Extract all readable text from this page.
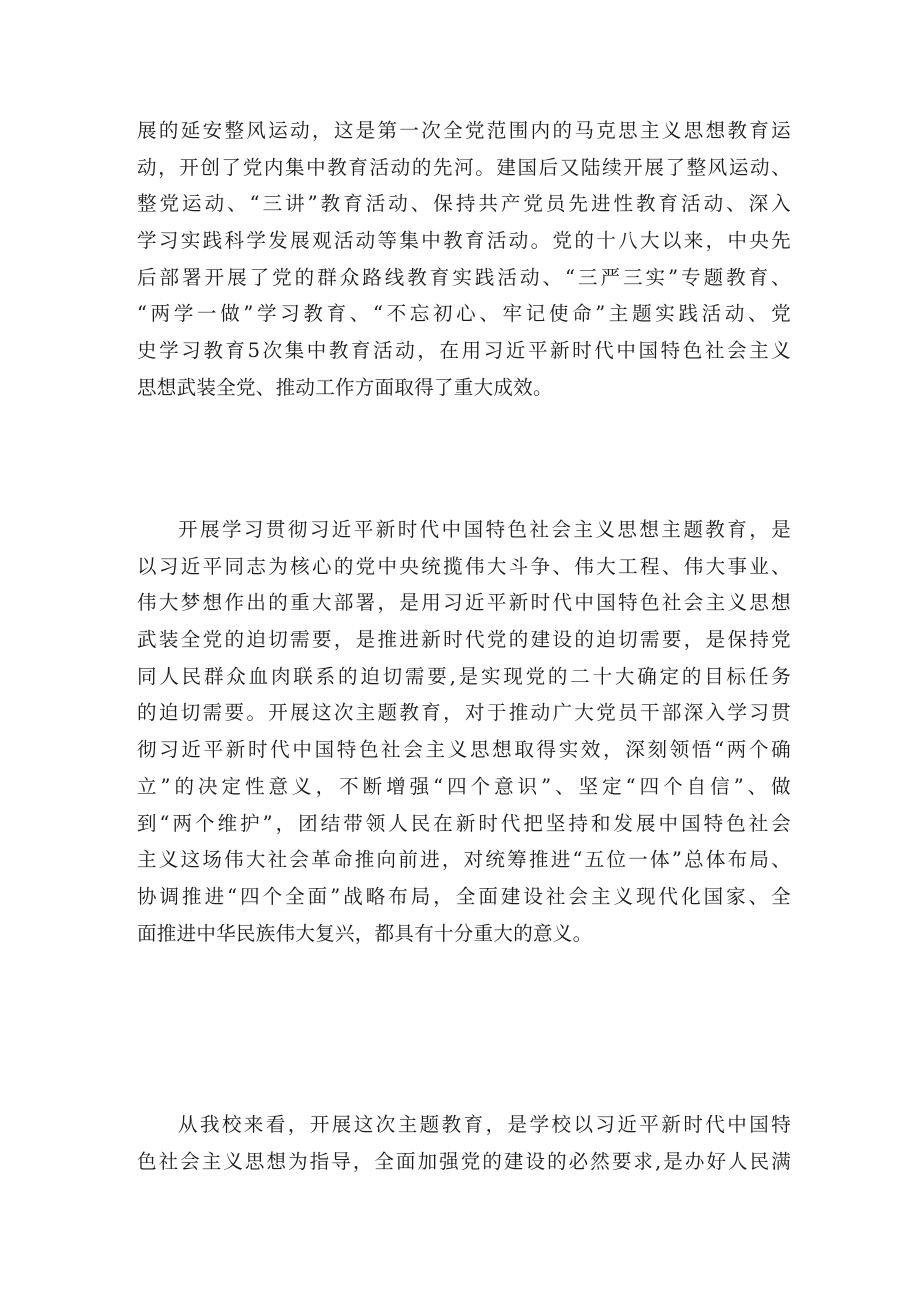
展的延安整风运动，这是第一次全党范围内的马克思主义思想教育运
动，开创了党内集中教育活动的先河。建国后又陆续开展了整风运动、
整党运动、“三讲”教育活动、保持共产党员先进性教育活动、深入
学习实践科学发展观活动等集中教育活动。党的十八大以来，中央先
后部署开展了党的群众路线教育实践活动、“三严三实”专题教育、
“两学一做”学习教育、“不忘初心、牢记使命”主题实践活动、党
史学习教育5次集中教育活动，在用习近平新时代中国特色社会主义
思想武装全党、推动工作方面取得了重大成效。
开展学习贯彻习近平新时代中国特色社会主义思想主题教育，是
以习近平同志为核心的党中央统揽伟大斗争、伟大工程、伟大事业、
伟大梦想作出的重大部署，是用习近平新时代中国特色社会主义思想
武装全党的迫切需要，是推进新时代党的建设的迫切需要，是保持党
同人民群众血肉联系的迫切需要,是实现党的二十大确定的目标任务
的迫切需要。开展这次主题教育，对于推动广大党员干部深入学习贯
彻习近平新时代中国特色社会主义思想取得实效，深刻领悟“两个确
立”的决定性意义，不断增强“四个意识”、坚定“四个自信”、做
到“两个维护”，团结带领人民在新时代把坚持和发展中国特色社会
主义这场伟大社会革命推向前进，对统筹推进“五位一体”总体布局、
协调推进“四个全面”战略布局，全面建设社会主义现代化国家、全
面推进中华民族伟大复兴，都具有十分重大的意义。
从我校来看，开展这次主题教育，是学校以习近平新时代中国特
色社会主义思想为指导，全面加强党的建设的必然要求,是办好人民满
